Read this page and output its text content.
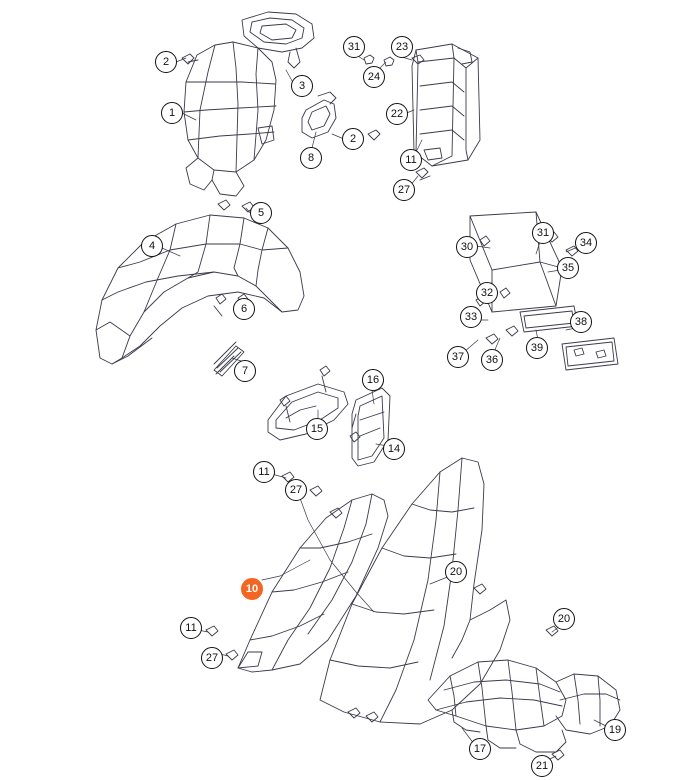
2
1
3
8
2
31
24
23
22
11
27
5
4
6
7
30
31
34
35
32
33	38
39
37	36
16
15
14
11
27
10
20
20
11
27
19
17
21
